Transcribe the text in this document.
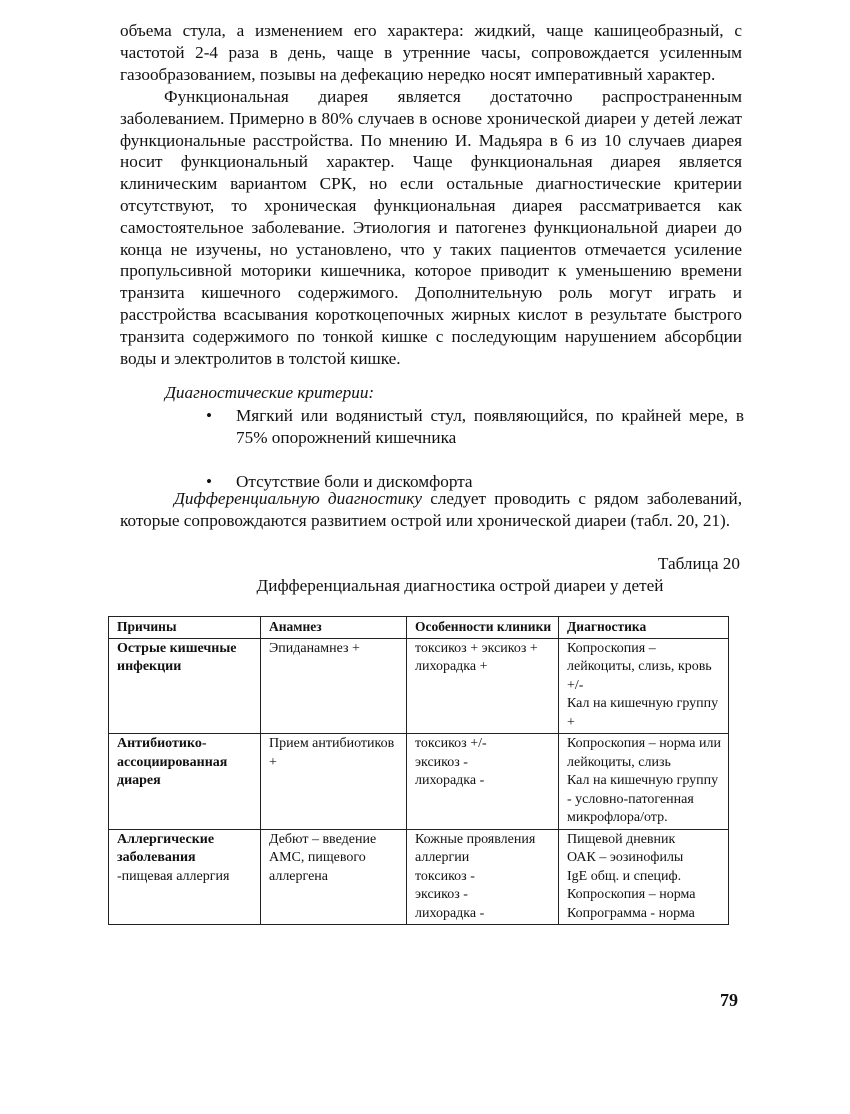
объема стула, а изменением его характера: жидкий, чаще кашицеобразный, с частотой 2-4 раза в день, чаще в утренние часы, сопровождается усиленным газообразованием, позывы на дефекацию нередко носят императивный характер.

Функциональная диарея является достаточно распространенным заболеванием. Примерно в 80% случаев в основе хронической диареи у детей лежат функциональные расстройства. По мнению И. Мадьяра в 6 из 10 случаев диарея носит функциональный характер. Чаще функциональная диарея является клиническим вариантом СРК, но если остальные диагностические критерии отсутствуют, то хроническая функциональная диарея рассматривается как самостоятельное заболевание. Этиология и патогенез функциональной диареи до конца не изучены, но установлено, что у таких пациентов отмечается усиление пропульсивной моторики кишечника, которое приводит к уменьшению времени транзита кишечного содержимого. Дополнительную роль могут играть и расстройства всасывания короткоцепочных жирных кислот в результате быстрого транзита содержимого по тонкой кишке с последующим нарушением абсорбции воды и электролитов в толстой кишке.

Диагностические критерии:

• Мягкий или водянистый стул, появляющийся, по крайней мере, в 75% опорожнений кишечника
• Отсутствие боли и дискомфорта

Дифференциальную диагностику следует проводить с рядом заболеваний, которые сопровождаются развитием острой или хронической диареи (табл. 20, 21).

Таблица 20

Дифференциальная диагностика острой диареи у детей

Причины	Анамнез	Особенности клиники	Диагностика
Острые кишечные инфекции	Эпиданамнез +	токсикоз + эксикоз + лихорадка +	Копроскопия – лейкоциты, слизь, кровь +/-
Кал на кишечную группу +

Антибиотико-ассоциированная диарея	Прием антибиотиков +	токсикоз +/-
эксикоз -
лихорадка -	Копроскопия – норма или лейкоциты, слизь
Кал на кишечную группу - условно-патогенная микрофлора/отр.

Аллергические заболевания
-пищевая аллергия	Дебют – введение АМС, пищевого аллергена	Кожные проявления аллергии
токсикоз -
эксикоз -
лихорадка -	Пищевой дневник
ОАК – эозинофилы
IgE общ. и специф.
Копроскопия – норма
Копрограмма - норма

79
